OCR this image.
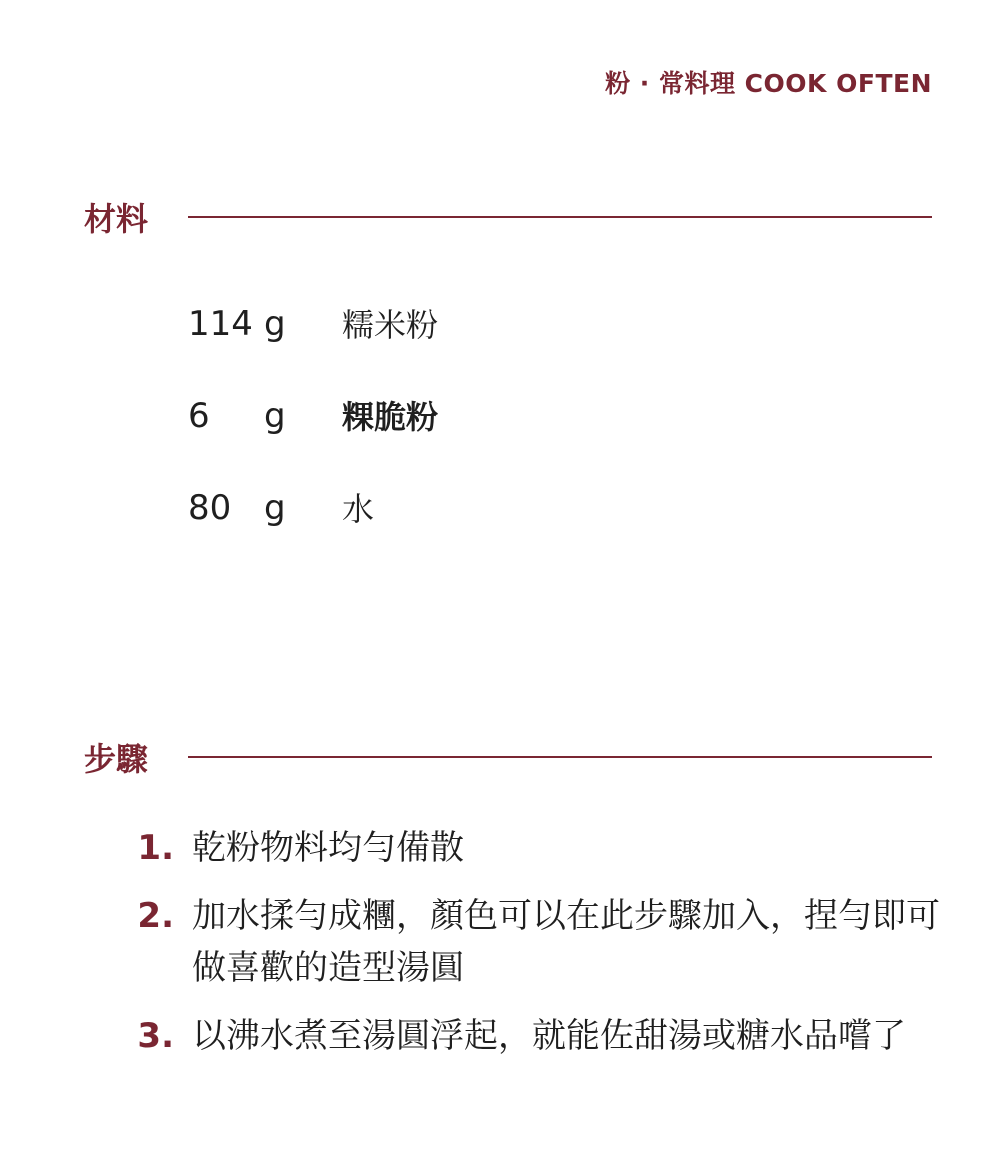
粉 · 常料理 COOK OFTEN
材料
114 g 糯米粉
6 g 粿脆粉
80 g 水
步驟
1. 乾粉物料均勻備散
2. 加水揉勻成糰，顏色可以在此步驟加入，捏勻即可做喜歡的造型湯圓
3. 以沸水煮至湯圓浮起，就能佐甜湯或糖水品嚐了
